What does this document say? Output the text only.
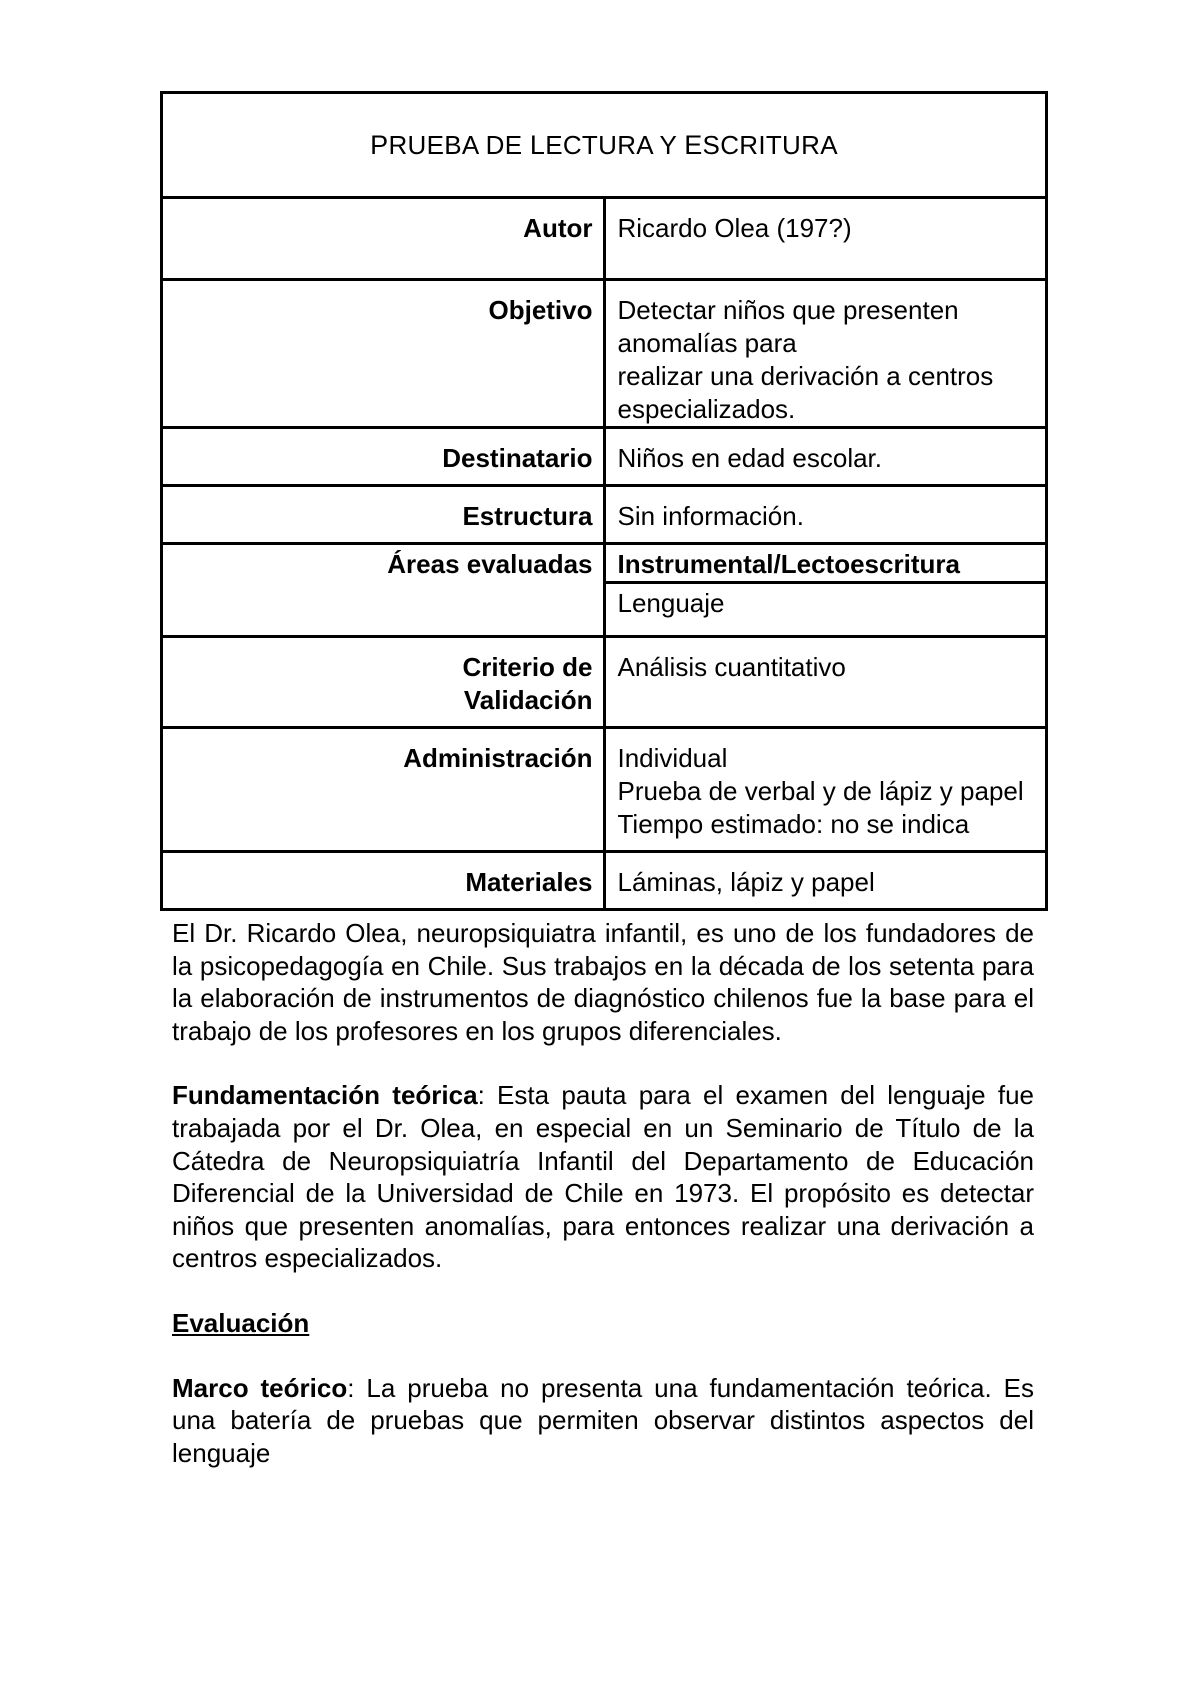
PRUEBA DE LECTURA Y ESCRITURA	
Autor	Ricardo Olea (197?)
Objetivo	Detectar niños que presenten anomalías para
realizar una derivación a centros
especializados.

Destinatario	Niños en edad escolar.
Estructura	Sin información.
Áreas evaluadas	Instrumental/Lectoescritura
	Lenguaje

Criterio de
Validación	Análisis cuantitativo
Administración	Individual
Prueba de verbal y de lápiz y papel
Tiempo estimado: no se indica

Materiales	Láminas, lápiz y papel

El Dr. Ricardo Olea, neuropsiquiatra infantil, es uno de los fundadores de la psicopedagogía en Chile. Sus trabajos en la década de los setenta para la elaboración de instrumentos de diagnóstico chilenos fue la base para el trabajo de los profesores en los grupos diferenciales.

Fundamentación teórica: Esta pauta para el examen del lenguaje fue trabajada por el Dr. Olea, en especial en un Seminario de Título de la Cátedra de Neuropsiquiatría Infantil del Departamento de Educación Diferencial de la Universidad de Chile en 1973. El propósito es detectar niños que presenten anomalías, para entonces realizar una derivación a centros especializados.

Evaluación

Marco teórico: La prueba no presenta una fundamentación teórica. Es una batería de pruebas que permiten observar distintos aspectos del lenguaje
